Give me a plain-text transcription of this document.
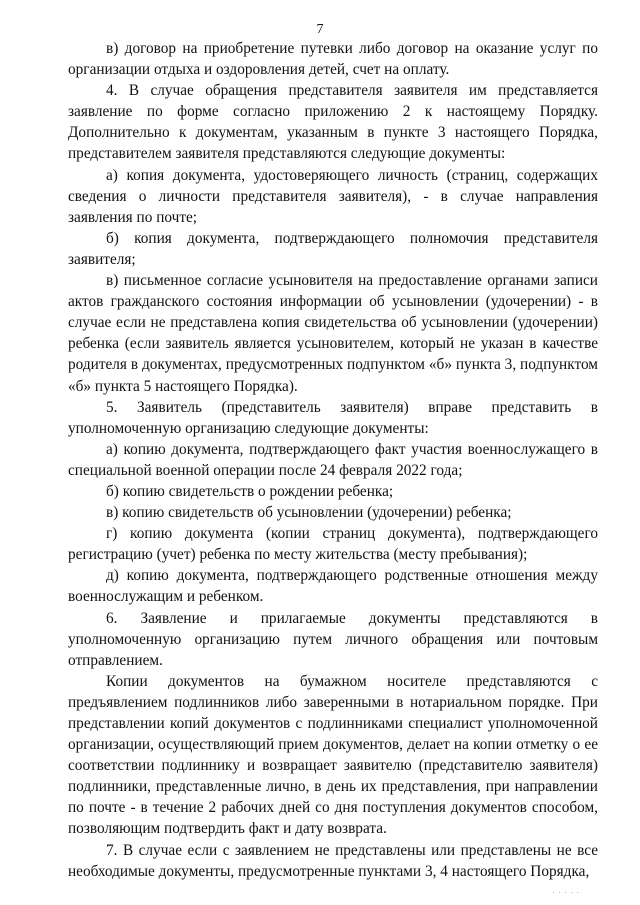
7

в) договор на приобретение путевки либо договор на оказание услуг по организации отдыха и оздоровления детей, счет на оплату.

4. В случае обращения представителя заявителя им представляется заявление по форме согласно приложению 2 к настоящему Порядку. Дополнительно к документам, указанным в пункте 3 настоящего Порядка, представителем заявителя представляются следующие документы:

а) копия документа, удостоверяющего личность (страниц, содержащих сведения о личности представителя заявителя), - в случае направления заявления по почте;

б) копия документа, подтверждающего полномочия представителя заявителя;

в) письменное согласие усыновителя на предоставление органами записи актов гражданского состояния информации об усыновлении (удочерении) - в случае если не представлена копия свидетельства об усыновлении (удочерении) ребенка (если заявитель является усыновителем, который не указан в качестве родителя в документах, предусмотренных подпунктом «б» пункта 3, подпунктом «б» пункта 5 настоящего Порядка).

5. Заявитель (представитель заявителя) вправе представить в уполномоченную организацию следующие документы:

а) копию документа, подтверждающего факт участия военнослужащего в специальной военной операции после 24 февраля 2022 года;

б) копию свидетельств о рождении ребенка;

в) копию свидетельств об усыновлении (удочерении) ребенка;

г) копию документа (копии страниц документа), подтверждающего регистрацию (учет) ребенка по месту жительства (месту пребывания);

д) копию документа, подтверждающего родственные отношения между военнослужащим и ребенком.

6. Заявление и прилагаемые документы представляются в уполномоченную организацию путем личного обращения или почтовым отправлением.

Копии документов на бумажном носителе представляются с предъявлением подлинников либо заверенными в нотариальном порядке. При представлении копий документов с подлинниками специалист уполномоченной организации, осуществляющий прием документов, делает на копии отметку о ее соответствии подлиннику и возвращает заявителю (представителю заявителя) подлинники, представленные лично, в день их представления, при направлении по почте - в течение 2 рабочих дней со дня поступления документов способом, позволяющим подтвердить факт и дату возврата.

7. В случае если с заявлением не представлены или представлены не все необходимые документы, предусмотренные пунктами 3, 4 настоящего Порядка,

· · · · ·
